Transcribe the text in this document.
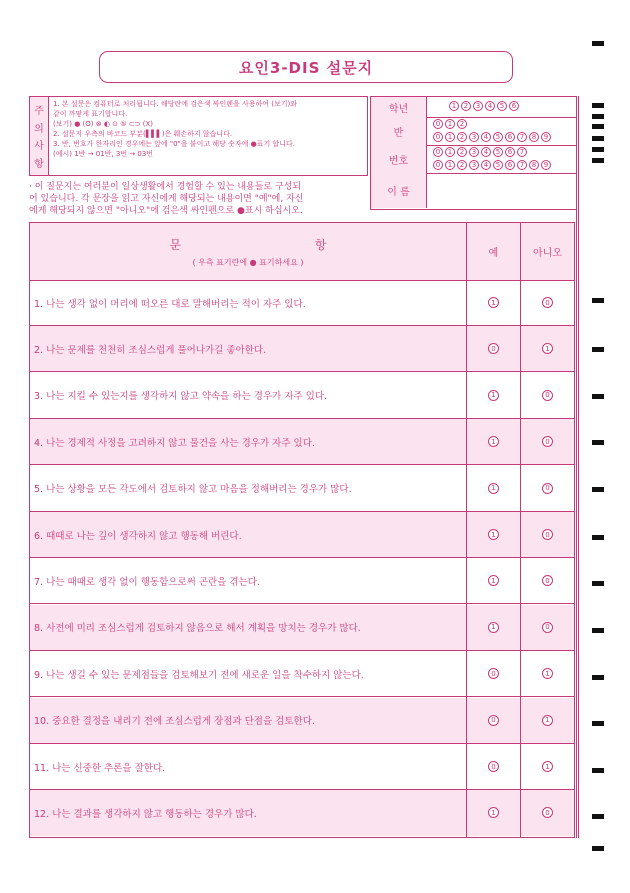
요인3-DIS 설문지
주
의
사
항
1. 본 설문은 컴퓨터로 처리됩니다. 해당란에 검은색 싸인펜을 사용하여 (보기)와
같이 까맣게 표기합니다.
(보기) ● (O) ⊗ ◐ ⊙ ⑤ ⊂⊃ (X)
2. 설문지 우측의 바코드 부분(▌▌▌)은 훼손하지 않습니다.
3. 반, 번호가 한자리인 경우에는 앞에 "0"을 붙이고 해당 숫자에 ●표기 합니다.
(예시) 1반 → 01반, 3번 → 03번
· 이 질문지는 여러분이 일상생활에서 경험할 수 있는 내용들로 구성되
어 있습니다. 각 문장을 읽고 자신에게 해당되는 내용이면 "예"에, 자신
에게 해당되지 않으면 "아니오"에 검은색 싸인펜으로 ●표시 하십시오.
학년	1	2	3	4	5	6
반
0	1	2
0	1	2	3	4	5	6	7	8	9
번호
0	1	2	3	4	5	6	7
0	1	2	3	4	5	6	7	8	9
이 름
문 항
( 우측 표기란에 ● 표기하세요 )
예	아니오
1. 나는 생각 없이 머리에 떠오른 대로 말해버리는 적이 자주 있다.	1	0
2. 나는 문제를 천천히 조심스럽게 풀어나가길 좋아한다.	0	1
3. 나는 지킬 수 있는지를 생각하지 않고 약속을 하는 경우가 자주 있다.	1	0
4. 나는 경제적 사정을 고려하지 않고 물건을 사는 경우가 자주 있다.	1	0
5. 나는 상황을 모든 각도에서 검토하지 않고 마음을 정해버리는 경우가 많다.	1	0
6. 때때로 나는 깊이 생각하지 않고 행동해 버린다.	1	0
7. 나는 때때로 생각 없이 행동함으로써 곤란을 겪는다.	1	0
8. 사전에 미리 조심스럽게 검토하지 않음으로 해서 계획을 망치는 경우가 많다.	1	0
9. 나는 생길 수 있는 문제점들을 검토해보기 전에 새로운 일을 착수하지 않는다.	0	1
10. 중요한 결정을 내리기 전에 조심스럽게 장점과 단점을 검토한다.	0	1
11. 나는 신중한 추론을 잘한다.	0	1
12. 나는 결과를 생각하지 않고 행동하는 경우가 많다.	1	0
